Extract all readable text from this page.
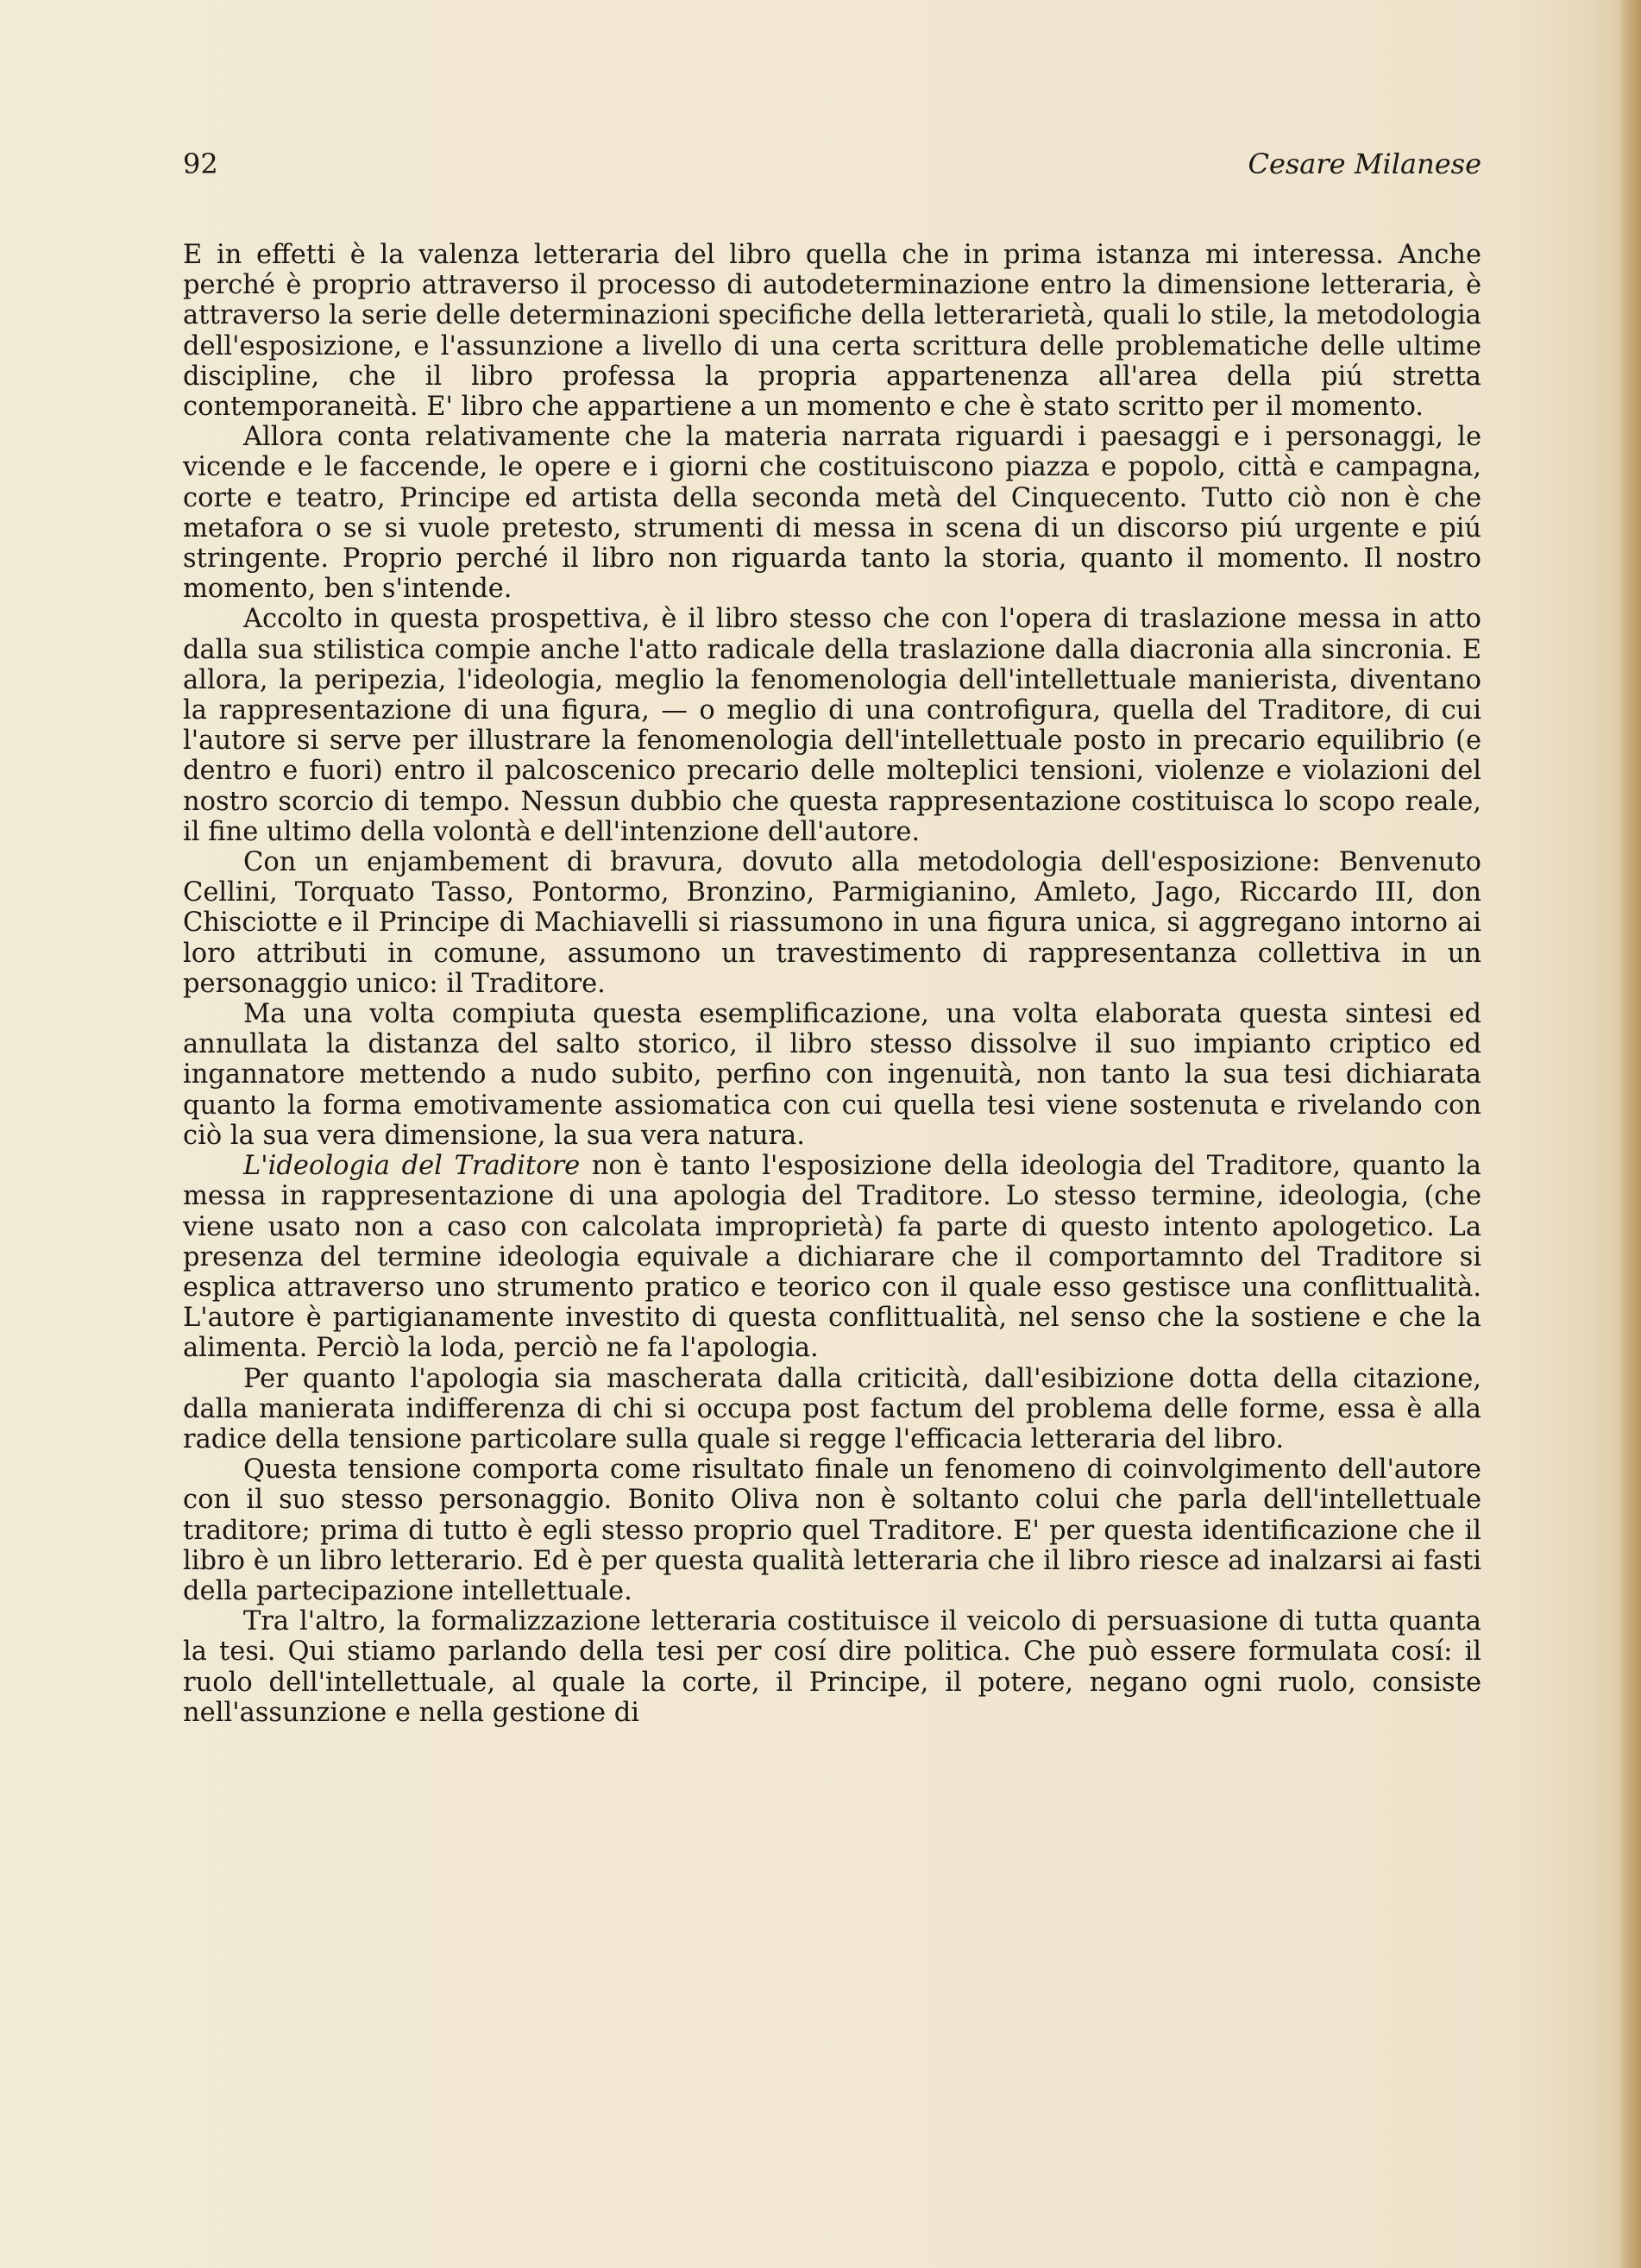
92	Cesare Milanese

E in effetti è la valenza letteraria del libro quella che in prima istanza mi interessa. Anche perché è proprio attraverso il processo di autodeterminazione entro la dimensione letteraria, è attraverso la serie delle determinazioni specifiche della letterarietà, quali lo stile, la metodologia dell'esposizione, e l'assunzione a livello di una certa scrittura delle problematiche delle ultime discipline, che il libro professa la propria appartenenza all'area della piú stretta contemporaneità. E' libro che appartiene a un momento e che è stato scritto per il momento.

Allora conta relativamente che la materia narrata riguardi i paesaggi e i personaggi, le vicende e le faccende, le opere e i giorni che costituiscono piazza e popolo, città e campagna, corte e teatro, Principe ed artista della seconda metà del Cinquecento. Tutto ciò non è che metafora o se si vuole pretesto, strumenti di messa in scena di un discorso piú urgente e piú stringente. Proprio perché il libro non riguarda tanto la storia, quanto il momento. Il nostro momento, ben s'intende.

Accolto in questa prospettiva, è il libro stesso che con l'opera di traslazione messa in atto dalla sua stilistica compie anche l'atto radicale della traslazione dalla diacronia alla sincronia. E allora, la peripezia, l'ideologia, meglio la fenomenologia dell'intellettuale manierista, diventano la rappresentazione di una figura, — o meglio di una controfigura, quella del Traditore, di cui l'autore si serve per illustrare la fenomenologia dell'intellettuale posto in precario equilibrio (e dentro e fuori) entro il palcoscenico precario delle molteplici tensioni, violenze e violazioni del nostro scorcio di tempo. Nessun dubbio che questa rappresentazione costituisca lo scopo reale, il fine ultimo della volontà e dell'intenzione dell'autore.

Con un enjambement di bravura, dovuto alla metodologia dell'esposizione: Benvenuto Cellini, Torquato Tasso, Pontormo, Bronzino, Parmigianino, Amleto, Jago, Riccardo III, don Chisciotte e il Principe di Machiavelli si riassumono in una figura unica, si aggregano intorno ai loro attributi in comune, assumono un travestimento di rappresentanza collettiva in un personaggio unico: il Traditore.

Ma una volta compiuta questa esemplificazione, una volta elaborata questa sintesi ed annullata la distanza del salto storico, il libro stesso dissolve il suo impianto criptico ed ingannatore mettendo a nudo subito, perfino con ingenuità, non tanto la sua tesi dichiarata quanto la forma emotivamente assiomatica con cui quella tesi viene sostenuta e rivelando con ciò la sua vera dimensione, la sua vera natura.

L'ideologia del Traditore non è tanto l'esposizione della ideologia del Traditore, quanto la messa in rappresentazione di una apologia del Traditore. Lo stesso termine, ideologia, (che viene usato non a caso con calcolata improprietà) fa parte di questo intento apologetico. La presenza del termine ideologia equivale a dichiarare che il comportamnto del Traditore si esplica attraverso uno strumento pratico e teorico con il quale esso gestisce una conflittualità. L'autore è partigianamente investito di questa conflittualità, nel senso che la sostiene e che la alimenta. Perciò la loda, perciò ne fa l'apologia.

Per quanto l'apologia sia mascherata dalla criticità, dall'esibizione dotta della citazione, dalla manierata indifferenza di chi si occupa post factum del problema delle forme, essa è alla radice della tensione particolare sulla quale si regge l'efficacia letteraria del libro.

Questa tensione comporta come risultato finale un fenomeno di coinvolgimento dell'autore con il suo stesso personaggio. Bonito Oliva non è soltanto colui che parla dell'intellettuale traditore; prima di tutto è egli stesso proprio quel Traditore. E' per questa identificazione che il libro è un libro letterario. Ed è per questa qualità letteraria che il libro riesce ad inalzarsi ai fasti della partecipazione intellettuale.

Tra l'altro, la formalizzazione letteraria costituisce il veicolo di persuasione di tutta quanta la tesi. Qui stiamo parlando della tesi per cosí dire politica. Che può essere formulata cosí: il ruolo dell'intellettuale, al quale la corte, il Principe, il potere, negano ogni ruolo, consiste nell'assunzione e nella gestione di
